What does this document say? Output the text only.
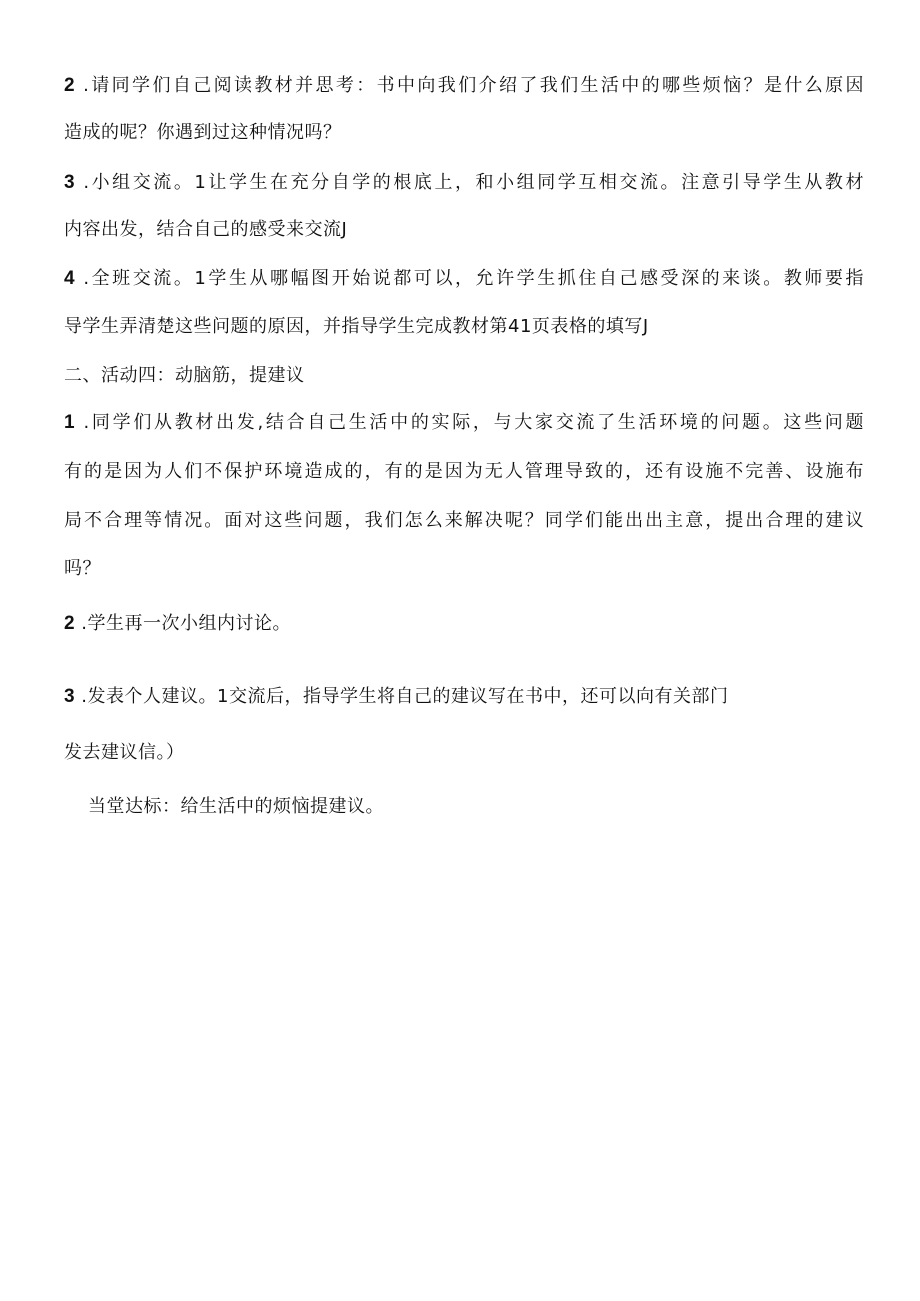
2 .请同学们自己阅读教材并思考：书中向我们介绍了我们生活中的哪些烦恼？是什么原因
造成的呢？你遇到过这种情况吗？
3 .小组交流。1让学生在充分自学的根底上，和小组同学互相交流。注意引导学生从教材
内容出发，结合自己的感受来交流J
4 .全班交流。1学生从哪幅图开始说都可以，允许学生抓住自己感受深的来谈。教师要指
导学生弄清楚这些问题的原因，并指导学生完成教材第41页表格的填写J
二、活动四：动脑筋，提建议
1 .同学们从教材出发,结合自己生活中的实际，与大家交流了生活环境的问题。这些问题
有的是因为人们不保护环境造成的，有的是因为无人管理导致的，还有设施不完善、设施布
局不合理等情况。面对这些问题，我们怎么来解决呢？同学们能出出主意，提出合理的建议
吗？
2 .学生再一次小组内讨论。
3 .发表个人建议。1交流后，指导学生将自己的建议写在书中，还可以向有关部门
发去建议信。）
当堂达标：给生活中的烦恼提建议。
